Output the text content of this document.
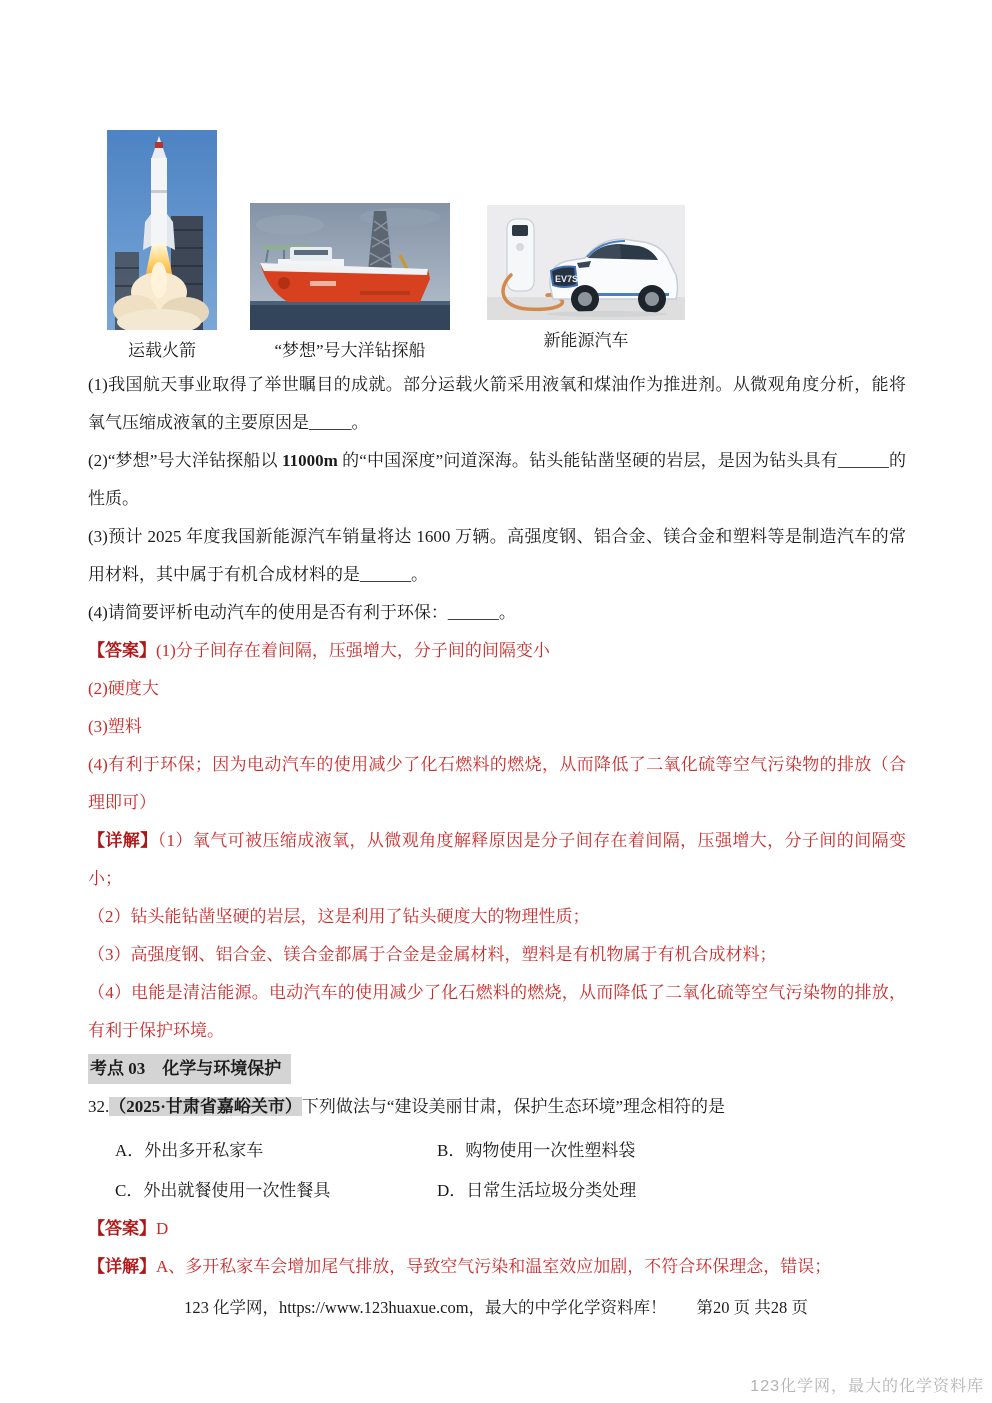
运载火箭	“梦想”号大洋钻探船
EV7S
新能源汽车

(1)我国航天事业取得了举世瞩目的成就。部分运载火箭采用液氧和煤油作为推进剂。从微观角度分析，能将氧气压缩成液氧的主要原因是_____。

(2)“梦想”号大洋钻探船以 11000m 的“中国深度”问道深海。钻头能钻凿坚硬的岩层，是因为钻头具有______的性质。

(3)预计 2025 年度我国新能源汽车销量将达 1600 万辆。高强度钢、铝合金、镁合金和塑料等是制造汽车的常用材料，其中属于有机合成材料的是______。

(4)请简要评析电动汽车的使用是否有利于环保：______。

【答案】(1)分子间存在着间隔，压强增大，分子间的间隔变小

(2)硬度大

(3)塑料

(4)有利于环保；因为电动汽车的使用减少了化石燃料的燃烧，从而降低了二氧化硫等空气污染物的排放（合理即可）

【详解】（1）氧气可被压缩成液氧，从微观角度解释原因是分子间存在着间隔，压强增大，分子间的间隔变小；

（2）钻头能钻凿坚硬的岩层，这是利用了钻头硬度大的物理性质；

（3）高强度钢、铝合金、镁合金都属于合金是金属材料，塑料是有机物属于有机合成材料；

（4）电能是清洁能源。电动汽车的使用减少了化石燃料的燃烧，从而降低了二氧化硫等空气污染物的排放，有利于保护环境。

考点 03　化学与环境保护

32.（2025·甘肃省嘉峪关市）下列做法与“建设美丽甘肃，保护生态环境”理念相符的是

A．外出多开私家车	B．购物使用一次性塑料袋
C．外出就餐使用一次性餐具	D．日常生活垃圾分类处理

【答案】D

【详解】A、多开私家车会增加尾气排放，导致空气污染和温室效应加剧，不符合环保理念，错误；

123 化学网，https://www.123huaxue.com，最大的中学化学资料库！ 第20 页 共28 页
123化学网，最大的化学资料库
